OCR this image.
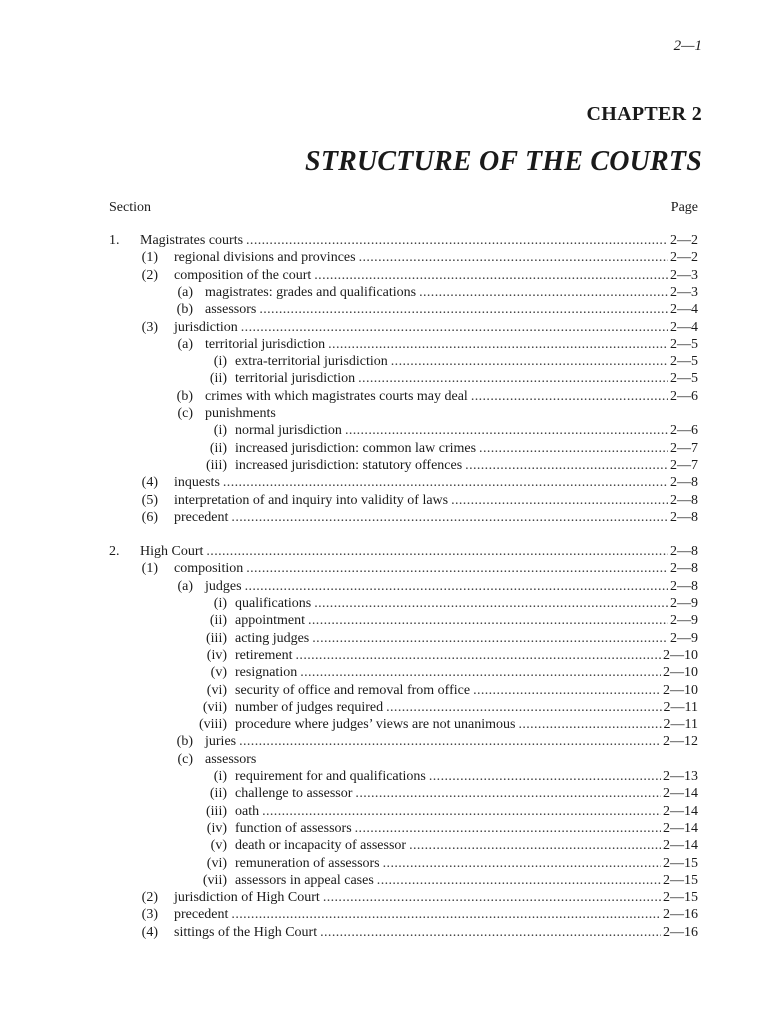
2—1
CHAPTER 2
STRUCTURE OF THE COURTS
Section	Page
1. Magistrates courts .....	2—2
(1) regional divisions and provinces .....	2—2
(2) composition of the court .....	2—3
(a) magistrates: grades and qualifications .....	2—3
(b) assessors .....	2—4
(3) jurisdiction .....	2—4
(a) territorial jurisdiction .....	2—5
(i) extra-territorial jurisdiction .....	2—5
(ii) territorial jurisdiction .....	2—5
(b) crimes with which magistrates courts may deal .....	2—6
(c) punishments
(i) normal jurisdiction .....	2—6
(ii) increased jurisdiction: common law crimes .....	2—7
(iii) increased jurisdiction: statutory offences .....	2—7
(4) inquests .....	2—8
(5) interpretation of and inquiry into validity of laws .....	2—8
(6) precedent .....	2—8
2. High Court .....	2—8
(1) composition .....	2—8
(a) judges .....	2—8
(i) qualifications .....	2—9
(ii) appointment .....	2—9
(iii) acting judges .....	2—9
(iv) retirement .....	2—10
(v) resignation .....	2—10
(vi) security of office and removal from office .....	2—10
(vii) number of judges required .....	2—11
(viii) procedure where judges’ views are not unanimous .....	2—11
(b) juries .....	2—12
(c) assessors
(i) requirement for and qualifications .....	2—13
(ii) challenge to assessor .....	2—14
(iii) oath .....	2—14
(iv) function of assessors .....	2—14
(v) death or incapacity of assessor .....	2—14
(vi) remuneration of assessors .....	2—15
(vii) assessors in appeal cases .....	2—15
(2) jurisdiction of High Court .....	2—15
(3) precedent .....	2—16
(4) sittings of the High Court .....	2—16
